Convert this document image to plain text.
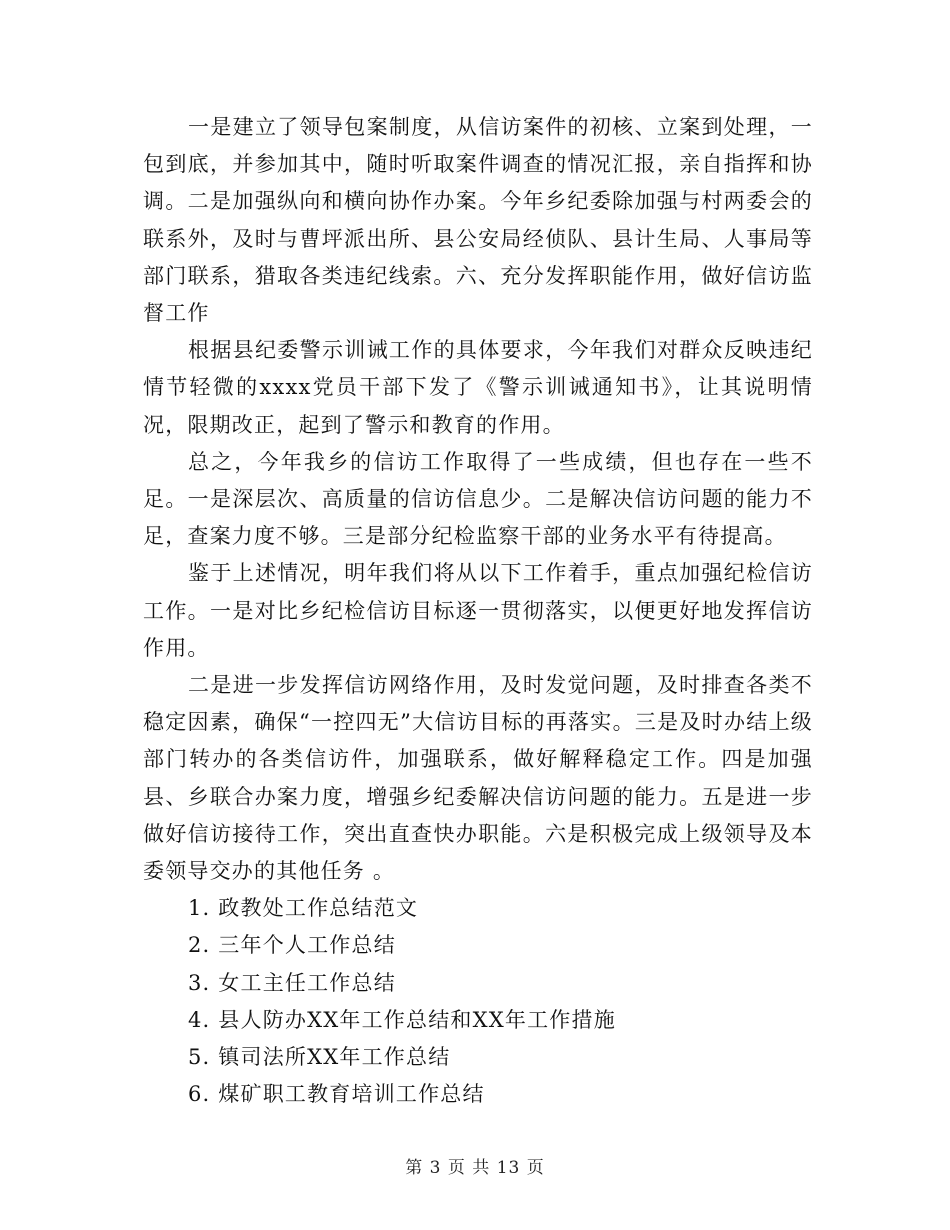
一是建立了领导包案制度，从信访案件的初核、立案到处理，一包到底，并参加其中，随时听取案件调查的情况汇报，亲自指挥和协调。二是加强纵向和横向协作办案。今年乡纪委除加强与村两委会的联系外，及时与曹坪派出所、县公安局经侦队、县计生局、人事局等部门联系，猎取各类违纪线索。六、充分发挥职能作用，做好信访监督工作

根据县纪委警示训诫工作的具体要求，今年我们对群众反映违纪情节轻微的xxxx党员干部下发了《警示训诫通知书》，让其说明情况，限期改正，起到了警示和教育的作用。

总之，今年我乡的信访工作取得了一些成绩，但也存在一些不足。一是深层次、高质量的信访信息少。二是解决信访问题的能力不足，查案力度不够。三是部分纪检监察干部的业务水平有待提高。

鉴于上述情况，明年我们将从以下工作着手，重点加强纪检信访工作。一是对比乡纪检信访目标逐一贯彻落实，以便更好地发挥信访作用。

二是进一步发挥信访网络作用，及时发觉问题，及时排查各类不稳定因素，确保“一控四无”大信访目标的再落实。三是及时办结上级部门转办的各类信访件，加强联系，做好解释稳定工作。四是加强县、乡联合办案力度，增强乡纪委解决信访问题的能力。五是进一步做好信访接待工作，突出直查快办职能。六是积极完成上级领导及本委领导交办的其他任务 。

1. 政教处工作总结范文
2. 三年个人工作总结
3. 女工主任工作总结
4. 县人防办XX年工作总结和XX年工作措施
5. 镇司法所XX年工作总结
6. 煤矿职工教育培训工作总结
第 3 页 共 13 页
